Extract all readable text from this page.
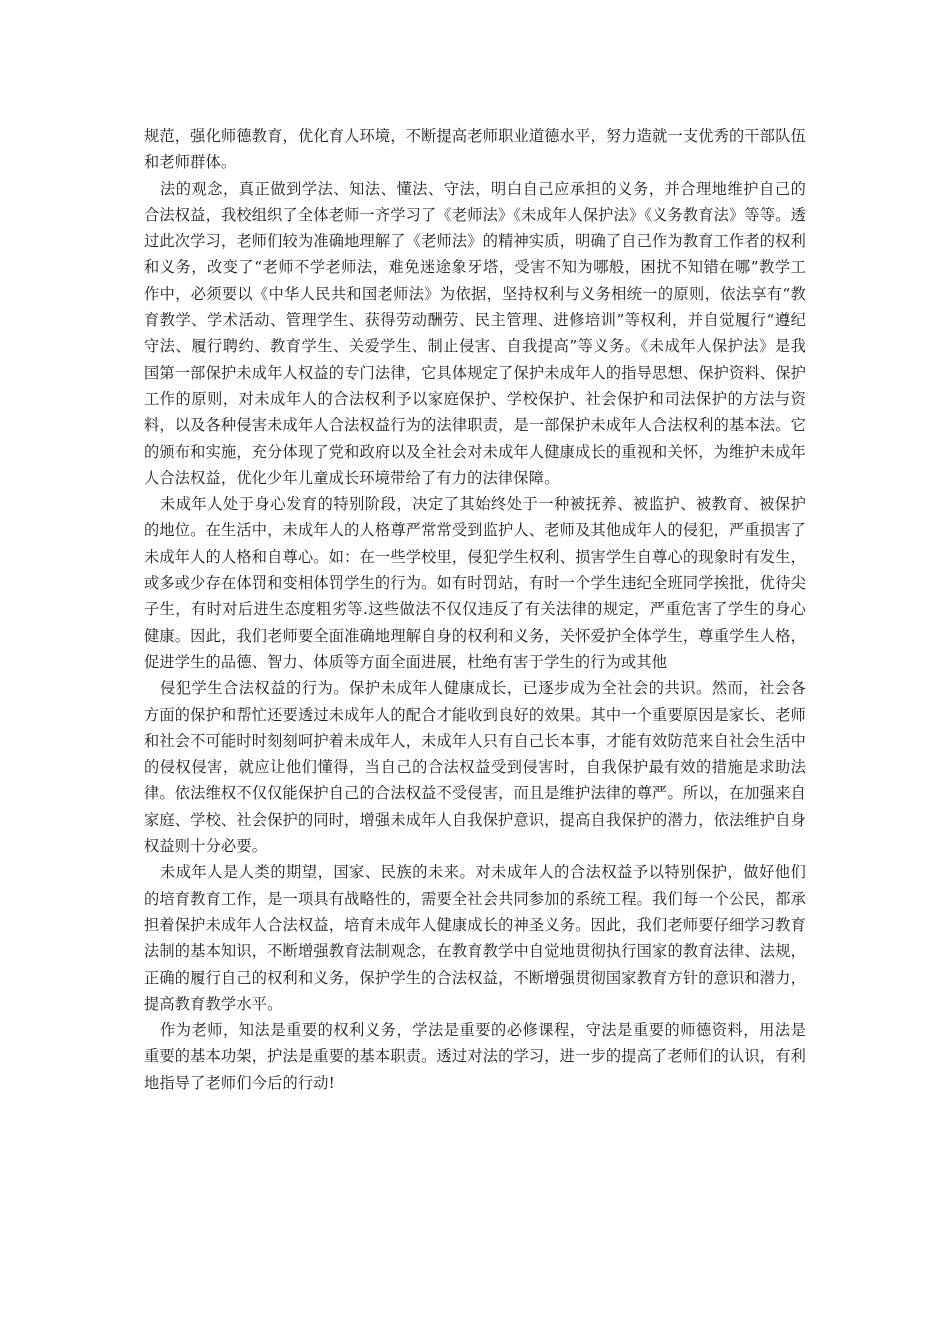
规范，强化师德教育，优化育人环境，不断提高老师职业道德水平，努力造就一支优秀的干部队伍和老师群体。

法的观念，真正做到学法、知法、懂法、守法，明白自己应承担的义务，并合理地维护自己的合法权益，我校组织了全体老师一齐学习了《老师法》《未成年人保护法》《义务教育法》等等。透过此次学习，老师们较为准确地理解了《老师法》的精神实质，明确了自己作为教育工作者的权利和义务，改变了“老师不学老师法，难免迷途象牙塔，受害不知为哪般，困扰不知错在哪”教学工作中，必须要以《中华人民共和国老师法》为依据，坚持权利与义务相统一的原则，依法享有“教育教学、学术活动、管理学生、获得劳动酬劳、民主管理、进修培训”等权利，并自觉履行“遵纪守法、履行聘约、教育学生、关爱学生、制止侵害、自我提高”等义务。《未成年人保护法》是我国第一部保护未成年人权益的专门法律，它具体规定了保护未成年人的指导思想、保护资料、保护工作的原则，对未成年人的合法权利予以家庭保护、学校保护、社会保护和司法保护的方法与资料，以及各种侵害未成年人合法权益行为的法律职责，是一部保护未成年人合法权利的基本法。它的颁布和实施，充分体现了党和政府以及全社会对未成年人健康成长的重视和关怀，为维护未成年人合法权益，优化少年儿童成长环境带给了有力的法律保障。

未成年人处于身心发育的特别阶段，决定了其始终处于一种被抚养、被监护、被教育、被保护的地位。在生活中，未成年人的人格尊严常常受到监护人、老师及其他成年人的侵犯，严重损害了未成年人的人格和自尊心。如：在一些学校里，侵犯学生权利、损害学生自尊心的现象时有发生，或多或少存在体罚和变相体罚学生的行为。如有时罚站，有时一个学生违纪全班同学挨批，优待尖子生，有时对后进生态度粗劣等.这些做法不仅仅违反了有关法律的规定，严重危害了学生的身心健康。因此，我们老师要全面准确地理解自身的权利和义务，关怀爱护全体学生，尊重学生人格，促进学生的品德、智力、体质等方面全面进展，杜绝有害于学生的行为或其他

侵犯学生合法权益的行为。保护未成年人健康成长，已逐步成为全社会的共识。然而，社会各方面的保护和帮忙还要透过未成年人的配合才能收到良好的效果。其中一个重要原因是家长、老师和社会不可能时时刻刻呵护着未成年人，未成年人只有自己长本事，才能有效防范来自社会生活中的侵权侵害，就应让他们懂得，当自己的合法权益受到侵害时，自我保护最有效的措施是求助法律。依法维权不仅仅能保护自己的合法权益不受侵害，而且是维护法律的尊严。所以，在加强来自家庭、学校、社会保护的同时，增强未成年人自我保护意识，提高自我保护的潜力，依法维护自身权益则十分必要。

未成年人是人类的期望，国家、民族的未来。对未成年人的合法权益予以特别保护，做好他们的培育教育工作，是一项具有战略性的，需要全社会共同参加的系统工程。我们每一个公民，都承担着保护未成年人合法权益，培育未成年人健康成长的神圣义务。因此，我们老师要仔细学习教育法制的基本知识，不断增强教育法制观念，在教育教学中自觉地贯彻执行国家的教育法律、法规，正确的履行自己的权利和义务，保护学生的合法权益，不断增强贯彻国家教育方针的意识和潜力，提高教育教学水平。

作为老师，知法是重要的权利义务，学法是重要的必修课程，守法是重要的师德资料，用法是重要的基本功架，护法是重要的基本职责。透过对法的学习，进一步的提高了老师们的认识，有利地指导了老师们今后的行动!
